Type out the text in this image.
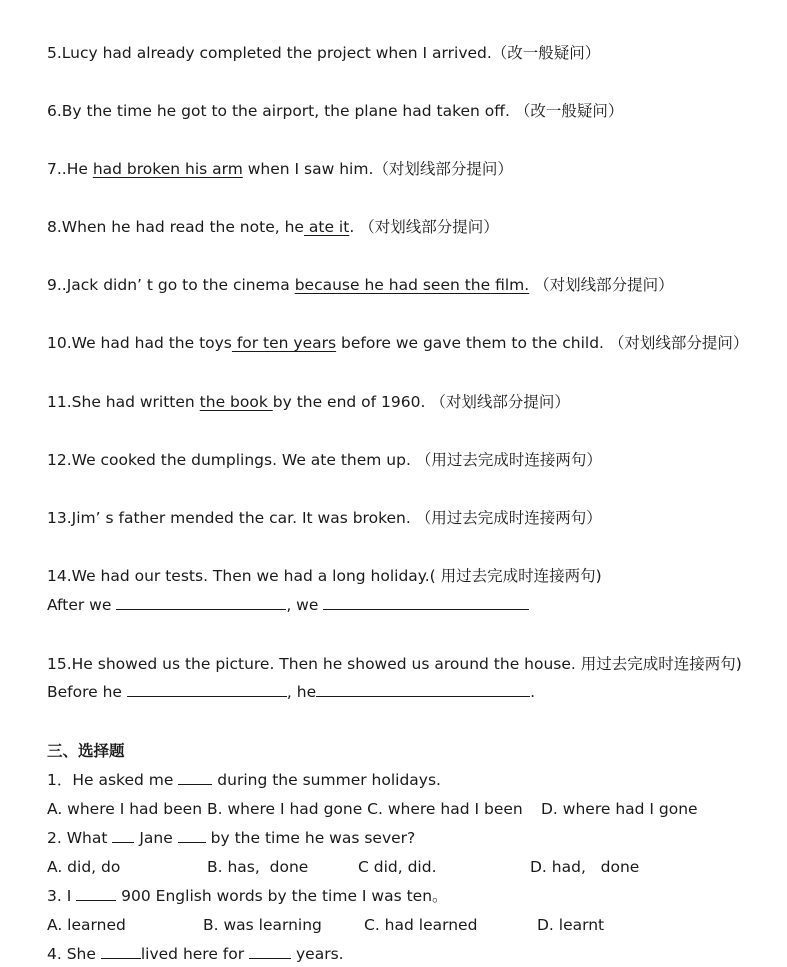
5.Lucy had already completed the project when I arrived.（改一般疑问）
6.By the time he got to the airport, the plane had taken off. （改一般疑问）
7..He had broken his arm when I saw him.（对划线部分提问）
8.When he had read the note, he ate it. （对划线部分提问）
9..Jack didn’ t go to the cinema because he had seen the film. （对划线部分提问）
10.We had had the toys for ten years before we gave them to the child. （对划线部分提问）
11.She had written the book by the end of 1960. （对划线部分提问）
12.We cooked the dumplings. We ate them up. （用过去完成时连接两句）
13.Jim’ s father mended the car. It was broken. （用过去完成时连接两句）
14.We had our tests. Then we had a long holiday.( 用过去完成时连接两句)
After we	, we
15.He showed us the picture. Then he showed us around the house. 用过去完成时连接两句)
Before he	, he	.
三、选择题
1．He asked me	during the summer holidays.
A. where I had been B. where I had gone C. where had I been D. where had I gone
2. What Jane by the time he was sever?
A. did, do	B. has,  done	C did, did.	D. had,   done
3. I	900 English words by the time I was ten。
A. learned	B. was learning	C. had learned	D. learnt
4. She	lived here for	years.
